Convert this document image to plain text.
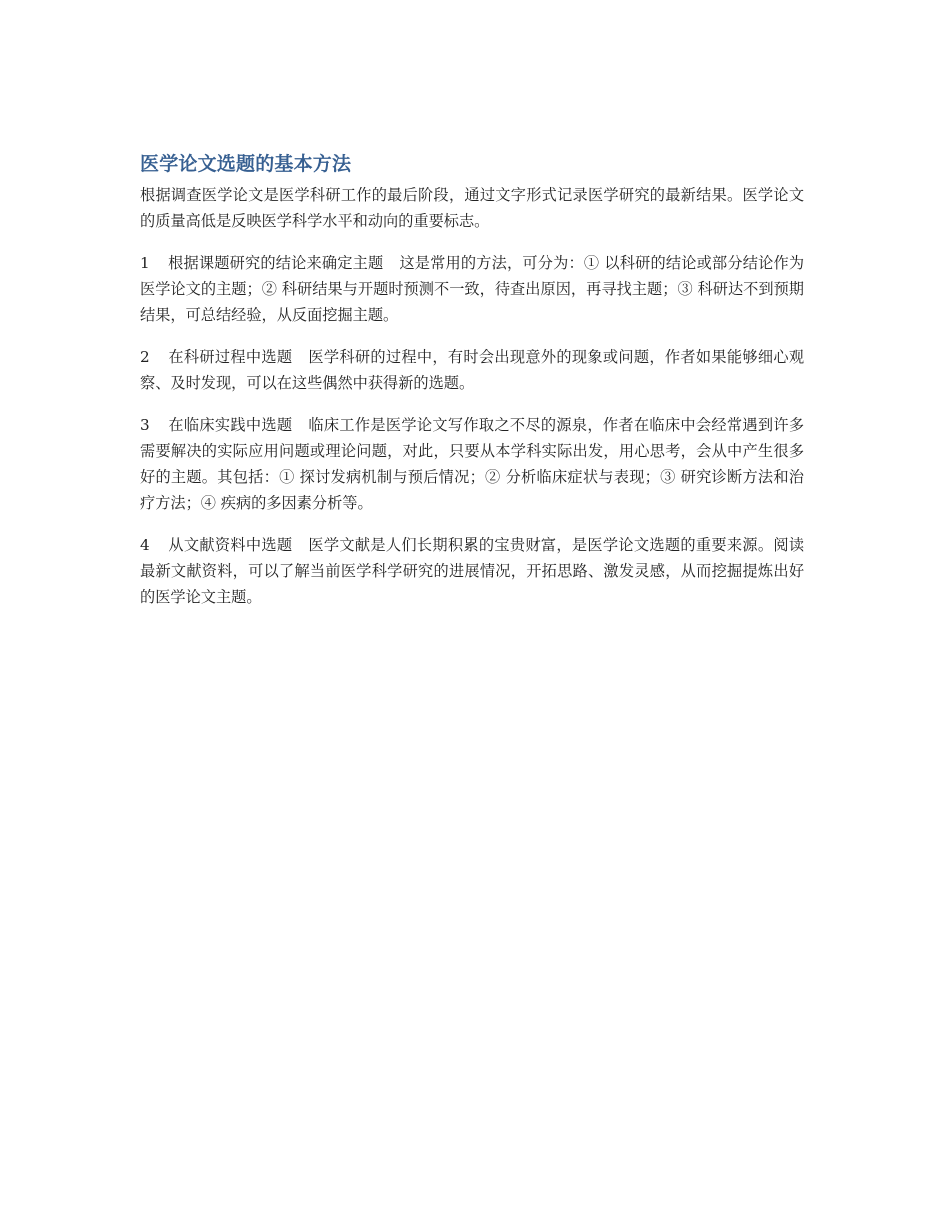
医学论文选题的基本方法

根据调查医学论文是医学科研工作的最后阶段，通过文字形式记录医学研究的最新结果。医学论文的质量高低是反映医学科学水平和动向的重要标志。

1 根据课题研究的结论来确定主题 这是常用的方法，可分为：① 以科研的结论或部分结论作为医学论文的主题；② 科研结果与开题时预测不一致，待查出原因，再寻找主题；③ 科研达不到预期结果，可总结经验，从反面挖掘主题。

2 在科研过程中选题 医学科研的过程中，有时会出现意外的现象或问题，作者如果能够细心观察、及时发现，可以在这些偶然中获得新的选题。

3 在临床实践中选题 临床工作是医学论文写作取之不尽的源泉，作者在临床中会经常遇到许多需要解决的实际应用问题或理论问题，对此，只要从本学科实际出发，用心思考，会从中产生很多好的主题。其包括：① 探讨发病机制与预后情况；② 分析临床症状与表现；③ 研究诊断方法和治疗方法；④ 疾病的多因素分析等。

4 从文献资料中选题 医学文献是人们长期积累的宝贵财富，是医学论文选题的重要来源。阅读最新文献资料，可以了解当前医学科学研究的进展情况，开拓思路、激发灵感，从而挖掘提炼出好的医学论文主题。
